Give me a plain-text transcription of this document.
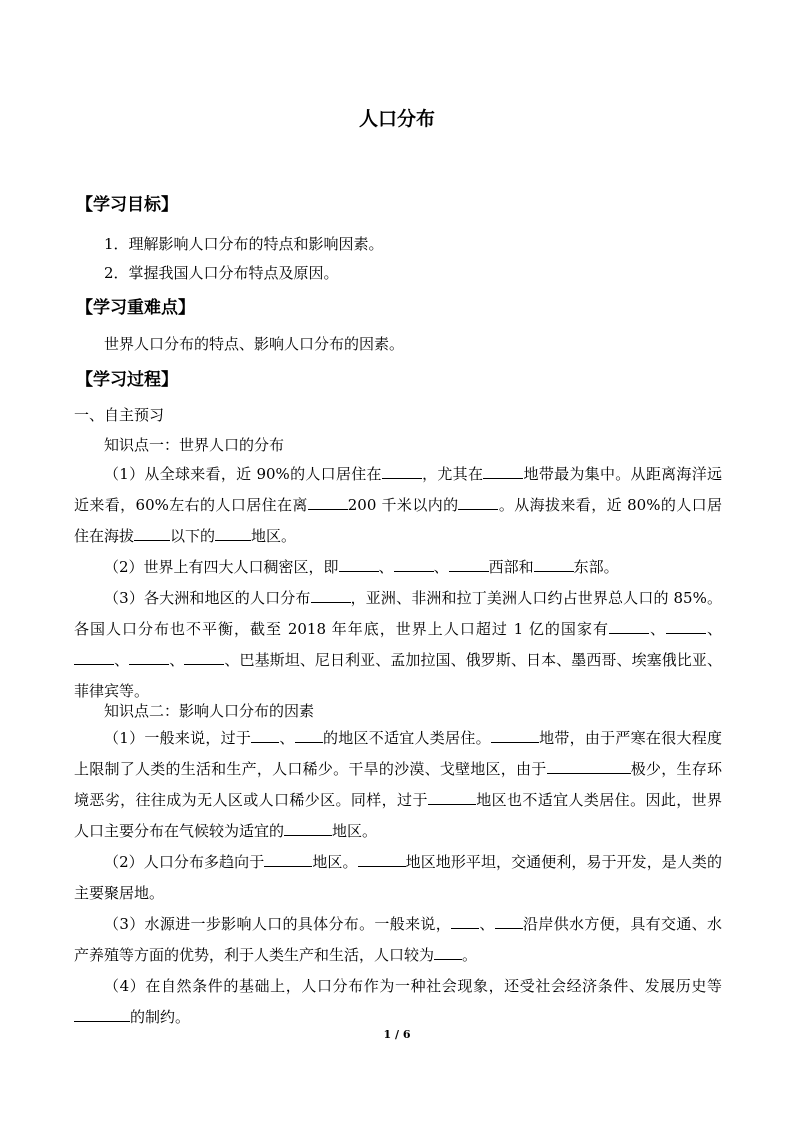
人口分布
【学习目标】
1．理解影响人口分布的特点和影响因素。
2．掌握我国人口分布特点及原因。
【学习重难点】
世界人口分布的特点、影响人口分布的因素。
【学习过程】
一、自主预习
知识点一：世界人口的分布

（1）从全球来看，近 90%的人口居住在	，尤其在	地带最为集中。从距离海洋远近来看，60%左右的人口居住在离	200 千米以内的	。从海拔来看，近 80%的人口居住在海拔 以下的 地区。

（2）世界上有四大人口稠密区，即	、	、	西部和	东部。

（3）各大洲和地区的人口分布	，亚洲、非洲和拉丁美洲人口约占世界总人口的 85%。各国人口分布也不平衡，截至 2018 年年底，世界上人口超过 1 亿的国家有	、	、、	、	、巴基斯坦、尼日利亚、孟加拉国、俄罗斯、日本、墨西哥、埃塞俄比亚、菲律宾等。

知识点二：影响人口分布的因素

（1）一般来说，过于 、 的地区不适宜人类居住。	地带，由于严寒在很大程度上限制了人类的生活和生产，人口稀少。干旱的沙漠、戈壁地区，由于	极少，生存环境恶劣，往往成为无人区或人口稀少区。同样，过于	地区也不适宜人类居住。因此，世界人口主要分布在气候较为适宜的	地区。

（2）人口分布多趋向于	地区。	地区地形平坦，交通便利，易于开发，是人类的主要聚居地。

（3）水源进一步影响人口的具体分布。一般来说， 、 沿岸供水方便，具有交通、水产养殖等方面的优势，利于人类生产和生活，人口较为 。

（4）在自然条件的基础上，人口分布作为一种社会现象，还受社会经济条件、发展历史等的制约。

1 / 6
